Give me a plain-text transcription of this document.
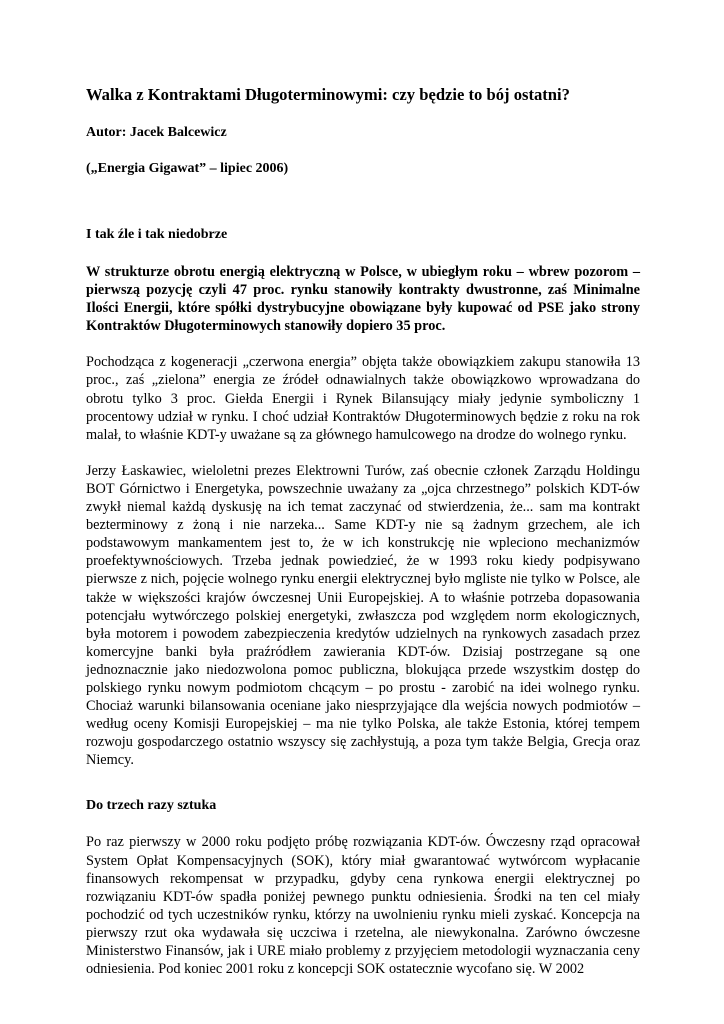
Walka z Kontraktami Długoterminowymi: czy będzie to bój ostatni?
Autor: Jacek Balcewicz
(„Energia Gigawat” – lipiec 2006)
I tak źle i tak niedobrze

W strukturze obrotu energią elektryczną w Polsce, w ubiegłym roku – wbrew pozorom – pierwszą pozycję czyli 47 proc. rynku stanowiły kontrakty dwustronne, zaś Minimalne Ilości Energii, które spółki dystrybucyjne obowiązane były kupować od PSE jako strony Kontraktów Długoterminowych stanowiły dopiero 35 proc.

Pochodząca z kogeneracji „czerwona energia” objęta także obowiązkiem zakupu stanowiła 13 proc., zaś „zielona” energia ze źródeł odnawialnych także obowiązkowo wprowadzana do obrotu tylko 3 proc. Giełda Energii i Rynek Bilansujący miały jedynie symboliczny 1 procentowy udział w rynku. I choć udział Kontraktów Długoterminowych będzie z roku na rok malał, to właśnie KDT-y uważane są za głównego hamulcowego na drodze do wolnego rynku.

Jerzy Łaskawiec, wieloletni prezes Elektrowni Turów, zaś obecnie członek Zarządu Holdingu BOT Górnictwo i Energetyka, powszechnie uważany za „ojca chrzestnego” polskich KDT-ów zwykł niemal każdą dyskusję na ich temat zaczynać od stwierdzenia, że... sam ma kontrakt bezterminowy z żoną i nie narzeka... Same KDT-y nie są żadnym grzechem, ale ich podstawowym mankamentem jest to, że w ich konstrukcję nie wpleciono mechanizmów proefektywnościowych. Trzeba jednak powiedzieć, że w 1993 roku kiedy podpisywano pierwsze z nich, pojęcie wolnego rynku energii elektrycznej było mgliste nie tylko w Polsce, ale także w większości krajów ówczesnej Unii Europejskiej. A to właśnie potrzeba dopasowania potencjału wytwórczego polskiej energetyki, zwłaszcza pod względem norm ekologicznych, była motorem i powodem zabezpieczenia kredytów udzielnych na rynkowych zasadach przez komercyjne banki była praźródłem zawierania KDT-ów. Dzisiaj postrzegane są one jednoznacznie jako niedozwolona pomoc publiczna, blokująca przede wszystkim dostęp do polskiego rynku nowym podmiotom chcącym – po prostu - zarobić na idei wolnego rynku. Chociaż warunki bilansowania oceniane jako niesprzyjające dla wejścia nowych podmiotów – według oceny Komisji Europejskiej – ma nie tylko Polska, ale także Estonia, której tempem rozwoju gospodarczego ostatnio wszyscy się zachłystują, a poza tym także Belgia, Grecja oraz Niemcy.

Do trzech razy sztuka

Po raz pierwszy w 2000 roku podjęto próbę rozwiązania KDT-ów. Ówczesny rząd opracował System Opłat Kompensacyjnych (SOK), który miał gwarantować wytwórcom wypłacanie finansowych rekompensat w przypadku, gdyby cena rynkowa energii elektrycznej po rozwiązaniu KDT-ów spadła poniżej pewnego punktu odniesienia. Środki na ten cel miały pochodzić od tych uczestników rynku, którzy na uwolnieniu rynku mieli zyskać. Koncepcja na pierwszy rzut oka wydawała się uczciwa i rzetelna, ale niewykonalna. Zarówno ówczesne Ministerstwo Finansów, jak i URE miało problemy z przyjęciem metodologii wyznaczania ceny odniesienia. Pod koniec 2001 roku z koncepcji SOK ostatecznie wycofano się. W 2002
